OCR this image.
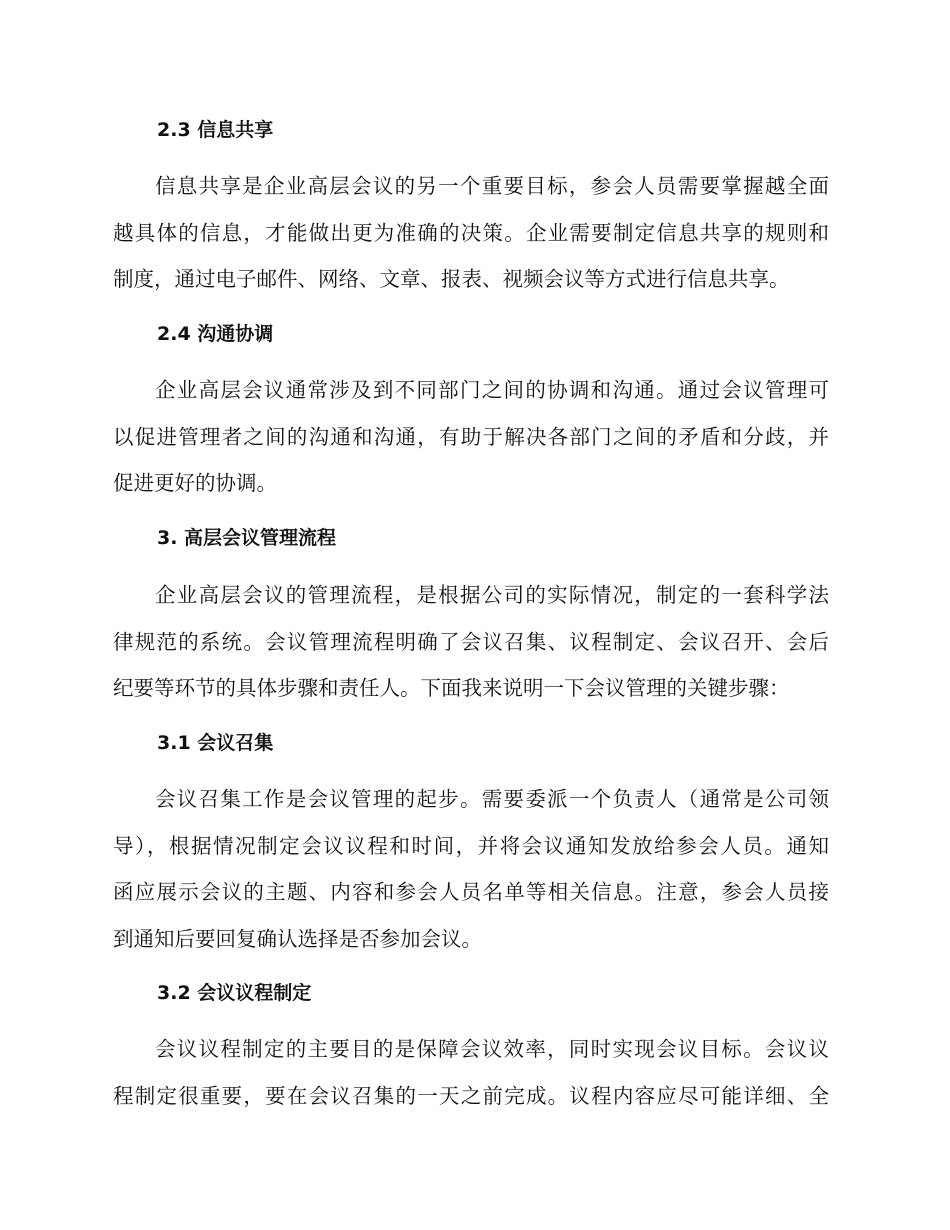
2.3 信息共享
信息共享是企业高层会议的另一个重要目标，参会人员需要掌握越全面
越具体的信息，才能做出更为准确的决策。企业需要制定信息共享的规则和
制度，通过电子邮件、网络、文章、报表、视频会议等方式进行信息共享。
2.4 沟通协调
企业高层会议通常涉及到不同部门之间的协调和沟通。通过会议管理可
以促进管理者之间的沟通和沟通，有助于解决各部门之间的矛盾和分歧，并
促进更好的协调。
3. 高层会议管理流程
企业高层会议的管理流程，是根据公司的实际情况，制定的一套科学法
律规范的系统。会议管理流程明确了会议召集、议程制定、会议召开、会后
纪要等环节的具体步骤和责任人。下面我来说明一下会议管理的关键步骤：
3.1 会议召集
会议召集工作是会议管理的起步。需要委派一个负责人（通常是公司领
导），根据情况制定会议议程和时间，并将会议通知发放给参会人员。通知
函应展示会议的主题、内容和参会人员名单等相关信息。注意，参会人员接
到通知后要回复确认选择是否参加会议。
3.2 会议议程制定
会议议程制定的主要目的是保障会议效率，同时实现会议目标。会议议
程制定很重要，要在会议召集的一天之前完成。议程内容应尽可能详细、全
